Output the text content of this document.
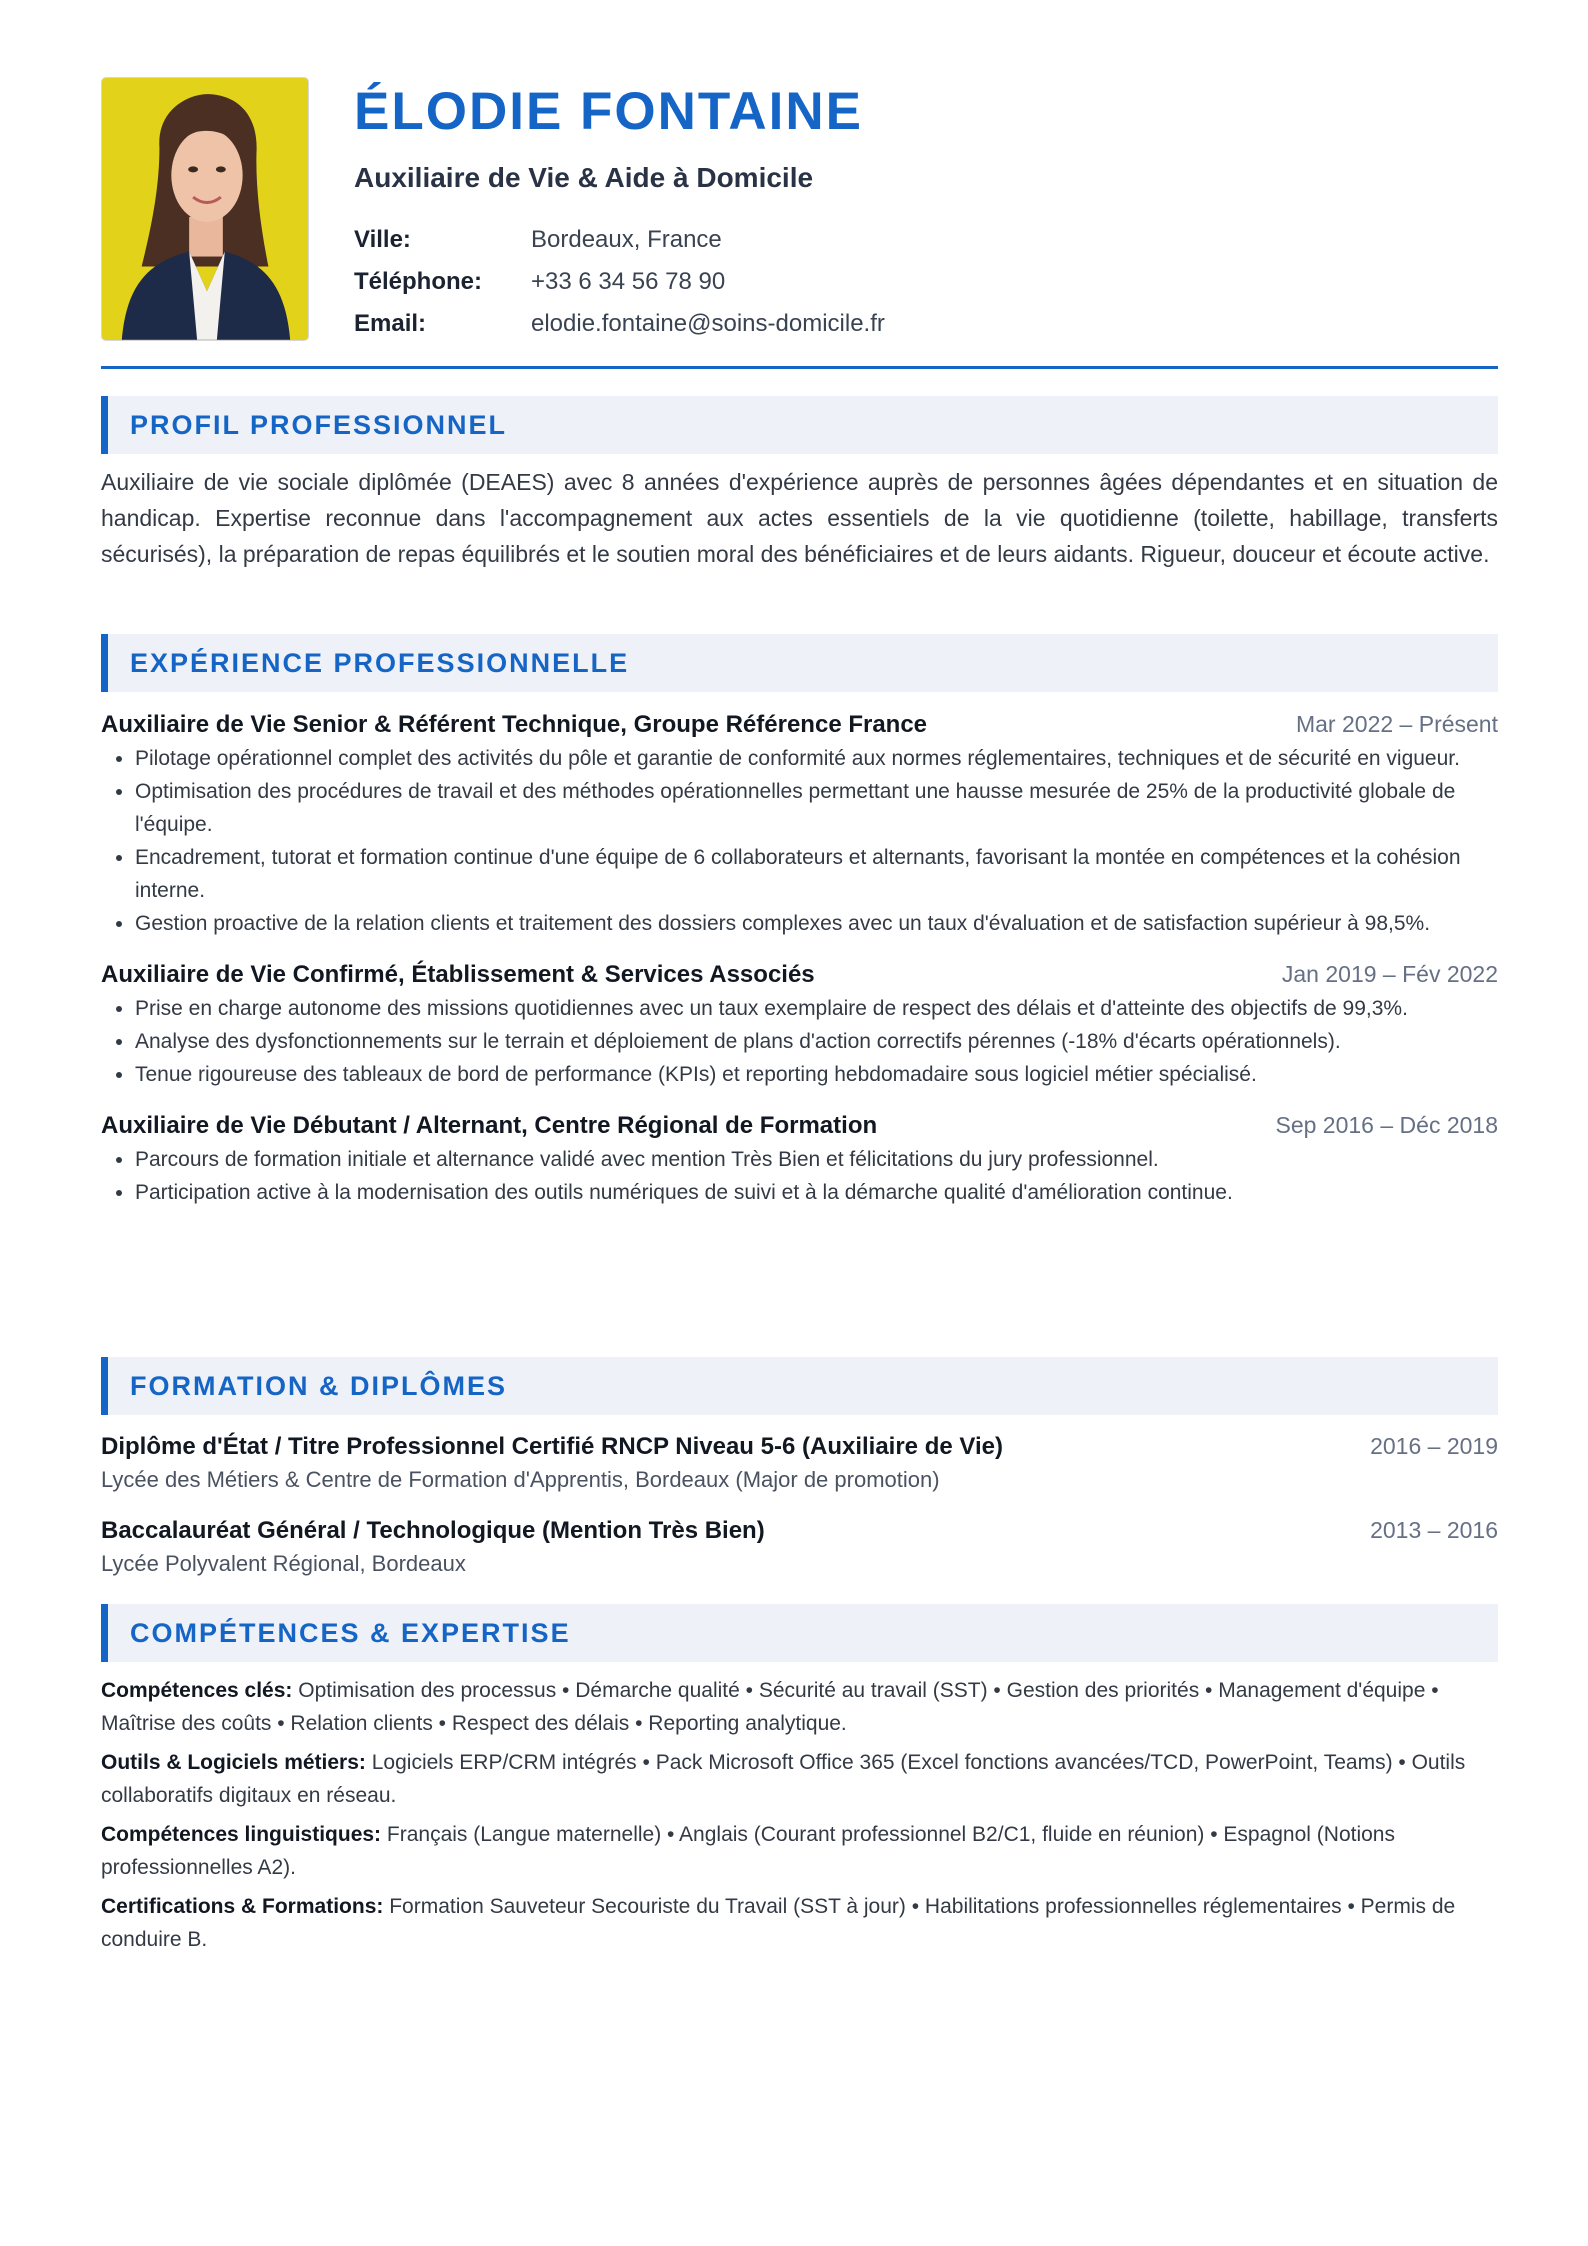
ÉLODIE FONTAINE
Auxiliaire de Vie & Aide à Domicile
Ville:	Bordeaux, France
Téléphone: +33 6 34 56 78 90
Email:	elodie.fontaine@soins-domicile.fr
PROFIL PROFESSIONNEL

Auxiliaire de vie sociale diplômée (DEAES) avec 8 années d'expérience auprès de personnes âgées dépendantes et en situation de handicap. Expertise reconnue dans l'accompagnement aux actes essentiels de la vie quotidienne (toilette, habillage, transferts sécurisés), la préparation de repas équilibrés et le soutien moral des bénéficiaires et de leurs aidants. Rigueur, douceur et écoute active.

EXPÉRIENCE PROFESSIONNELLE
Auxiliaire de Vie Senior & Référent Technique, Groupe Référence France	Mar 2022 – Présent
• Pilotage opérationnel complet des activités du pôle et garantie de conformité aux normes réglementaires, techniques et de sécurité en vigueur.
• Optimisation des procédures de travail et des méthodes opérationnelles permettant une hausse mesurée de 25% de la productivité globale de l'équipe.
• Encadrement, tutorat et formation continue d'une équipe de 6 collaborateurs et alternants, favorisant la montée en compétences et la cohésion interne.
• Gestion proactive de la relation clients et traitement des dossiers complexes avec un taux d'évaluation et de satisfaction supérieur à 98,5%.
Auxiliaire de Vie Confirmé, Établissement & Services Associés	Jan 2019 – Fév 2022
• Prise en charge autonome des missions quotidiennes avec un taux exemplaire de respect des délais et d'atteinte des objectifs de 99,3%.
• Analyse des dysfonctionnements sur le terrain et déploiement de plans d'action correctifs pérennes (-18% d'écarts opérationnels).
• Tenue rigoureuse des tableaux de bord de performance (KPIs) et reporting hebdomadaire sous logiciel métier spécialisé.
Auxiliaire de Vie Débutant / Alternant, Centre Régional de Formation	Sep 2016 – Déc 2018
• Parcours de formation initiale et alternance validé avec mention Très Bien et félicitations du jury professionnel.
• Participation active à la modernisation des outils numériques de suivi et à la démarche qualité d'amélioration continue.
FORMATION & DIPLÔMES
Diplôme d'État / Titre Professionnel Certifié RNCP Niveau 5-6 (Auxiliaire de Vie)	2016 – 2019
Lycée des Métiers & Centre de Formation d'Apprentis, Bordeaux (Major de promotion)
Baccalauréat Général / Technologique (Mention Très Bien)	2013 – 2016
Lycée Polyvalent Régional, Bordeaux
COMPÉTENCES & EXPERTISE
Compétences clés: Optimisation des processus • Démarche qualité • Sécurité au travail (SST) • Gestion des priorités • Management d'équipe • Maîtrise des coûts • Relation clients • Respect des délais • Reporting analytique.
Outils & Logiciels métiers: Logiciels ERP/CRM intégrés • Pack Microsoft Office 365 (Excel fonctions avancées/TCD, PowerPoint, Teams) • Outils collaboratifs digitaux en réseau.
Compétences linguistiques: Français (Langue maternelle) • Anglais (Courant professionnel B2/C1, fluide en réunion) • Espagnol (Notions professionnelles A2).
Certifications & Formations: Formation Sauveteur Secouriste du Travail (SST à jour) • Habilitations professionnelles réglementaires • Permis de conduire B.
